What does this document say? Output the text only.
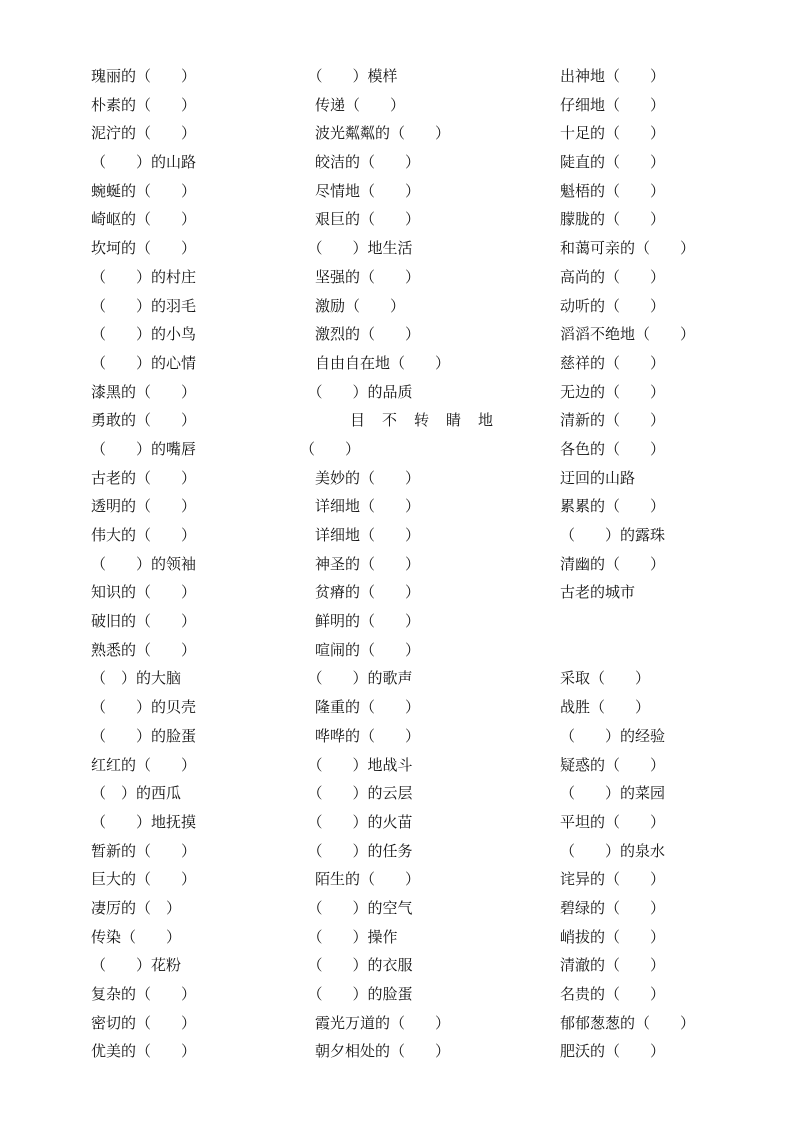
瑰丽的（　　）
朴素的（　　）
泥泞的（　　）
（　　）的山路
蜿蜒的（　　）
崎岖的（　　）
坎坷的（　　）
（　　）的村庄
（　　）的羽毛
（　　）的小鸟
（　　）的心情
漆黑的（　　）
勇敢的（　　）
（　　）的嘴唇
古老的（　　）
透明的（　　）
伟大的（　　）
（　　）的领袖
知识的（　　）
破旧的（　　）
熟悉的（　　）
（　）的大脑
（　　）的贝壳
（　　）的脸蛋
红红的（　　）
（　）的西瓜
（　　）地抚摸
暂新的（　　）
巨大的（　　）
凄厉的（　）
传染（　　）
（　　）花粉
复杂的（　　）
密切的（　　）
优美的（　　）
　（　　）模样
　传递（　　）
　波光粼粼的（　　）
　皎洁的（　　）
　尽情地（　　）
　艰巨的（　　）
　（　　）地生活
　坚强的（　　）
　激励（　　）
　激烈的（　　）
　自由自在地（　　）
　（　　）的品质
目不转睛地
（　　）
　美妙的（　　）
　详细地（　　）
　详细地（　　）
　神圣的（　　）
　贫瘠的（　　）
　鲜明的（　　）
　喧闹的（　　）
　（　　）的歌声
　隆重的（　　）
　哗哗的（　　）
　（　　）地战斗
　（　　）的云层
　（　　）的火苗
　（　　）的任务
　陌生的（　　）
　（　　）的空气
　（　　）操作
　（　　）的衣服
　（　　）的脸蛋
　霞光万道的（　　）
　朝夕相处的（　　）
出神地（　　）
仔细地（　　）
十足的（　　）
陡直的（　　）
魁梧的（　　）
朦胧的（　　）
和蔼可亲的（　　）
高尚的（　　）
动听的（　　）
滔滔不绝地（　　）
慈祥的（　　）
无边的（　　）
清新的（　　）
各色的（　　）
迂回的山路
累累的（　　）
（　　）的露珠
清幽的（　　）
古老的城市
采取（　　）
战胜（　　）
（　　）的经验
疑惑的（　　）
（　　）的菜园
平坦的（　　）
（　　）的泉水
诧异的（　　）
碧绿的（　　）
峭拔的（　　）
清澈的（　　）
名贵的（　　）
郁郁葱葱的（　　）
肥沃的（　　）
